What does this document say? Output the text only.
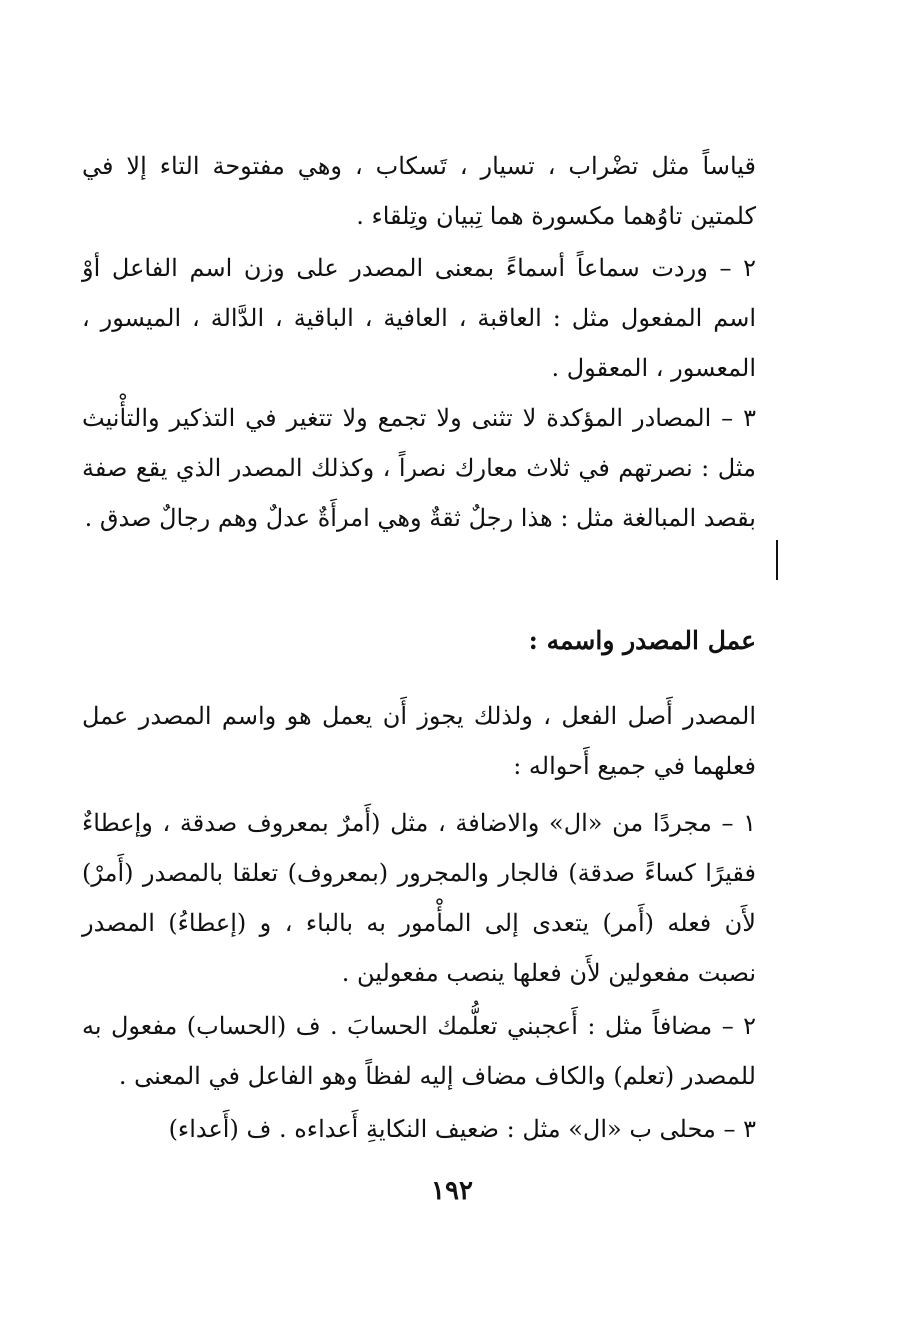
قياساً مثل تضْراب ، تسيار ، تَسكاب ، وهي مفتوحة التاء إلا في كلمتين تاوُهما مكسورة هما تِبيان وتِلقاء .

٢ – وردت سماعاً أسماءً بمعنى المصدر على وزن اسم الفاعل أوْ اسم المفعول مثل : العاقبة ، العافية ، الباقية ، الدَّالة ، الميسور ، المعسور ، المعقول .

٣ – المصادر المؤكدة لا تثنى ولا تجمع ولا تتغير في التذكير والتأْنيث مثل : نصرتهم في ثلاث معارك نصراً ، وكذلك المصدر الذي يقع صفة بقصد المبالغة مثل : هذا رجلٌ ثقةٌ وهي امرأَةٌ عدلٌ وهم رجالٌ صدق .

عمل المصدر واسمه :

المصدر أَصل الفعل ، ولذلك يجوز أَن يعمل هو واسم المصدر عمل فعلهما في جميع أَحواله :

١ – مجردًا من «ال» والاضافة ، مثل (أَمرٌ بمعروف صدقة ، وإعطاءٌ فقيرًا كساءً صدقة) فالجار والمجرور (بمعروف) تعلقا بالمصدر (أَمرْ) لأَن فعله (أَمر) يتعدى إلى المأْمور به بالباء ، و (إعطاءُ) المصدر نصبت مفعولين لأَن فعلها ينصب مفعولين .

٢ – مضافاً مثل : أَعجبني تعلُّمك الحسابَ . ف (الحساب) مفعول به للمصدر (تعلم) والكاف مضاف إليه لفظاً وهو الفاعل في المعنى .

٣ – محلى ب «ال» مثل : ضعيف النكايةِ أَعداءه . ف (أَعداء)

١٩٢
